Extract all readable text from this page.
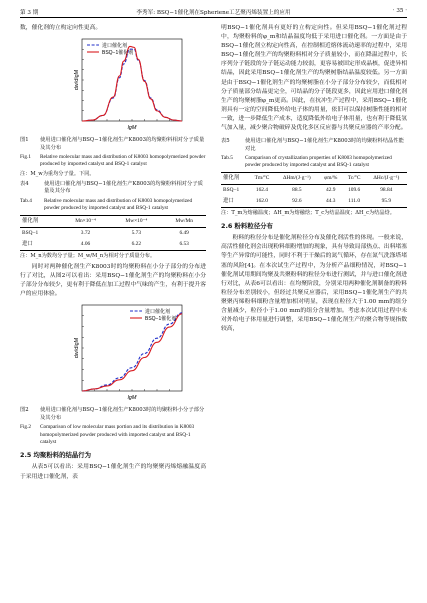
第 3 期	李秀军: BSQ−1催化剂在Spheriene工艺聚丙烯装置上的应用	· 35 ·

数，催化剂的立构定向性更高。

进口催化剂
BSQ−1催化剂
lgM
dw/dlgM
图1	使用进口催化剂与BSQ−1催化剂生产K8003的均聚粉料相对分子质量及其分布
Fig.1	Relative molecular mass and distribution of K8003 homopolymerized powder produced by imported catalyst and BSQ-1 catalyst
注：M_w为重均分子量。下同。
表4	使用进口催化剂与BSQ−1催化剂生产K8003的均聚粉料相对分子质量及其分布
Tab.4	Relative molecular mass and distribution of K8003 homopolymerized powder produced by imported catalyst and BSQ-1 catalyst
催化剂	Mn×10⁻⁴	Mw×10⁻⁴	Mw/Mn
BSQ−1	3.72	5.73	6.49
进口	4.06	6.22	6.53
注：M_n为数均分子量；M_w/M_n为相对分子质量分布。

同时对两种催化剂生产K8003时的均聚粉料在小分子部分的分布进行了对比，从图2可以看出：采用BSQ−1催化剂生产的均聚粉料在小分子部分分布较少，更有利于降低在加工过程中气味的产生，有利于提升客户的应用体验。

进口催化剂
BSQ−1催化剂
lgM
dw/dlgM
图2	使用进口催化剂与BSQ−1催化剂生产K8003时的均聚粉料小分子部分及其分布
Fig.2	Comparison of low molecular mass portion and its distribution in K8003 homopolymerized powder produced with imported catalyst and BSQ-1 catalyst
2.5 均聚粉料的结晶行为

从表5可以看出：采用BSQ−1催化剂生产的均聚聚丙烯熔融温度高于采用进口催化剂，表

明BSQ−1催化剂具有更好的立构定向性。但采用BSQ−1催化剂过程中，均聚粉料的φ_m和结晶温度均低于采用进口催化剂。一方面是由于BSQ−1催化剂立构定向性高，在控制相近熔体流动速率的过程中，采用BSQ−1催化剂生产的均聚粉料相对分子质量较小，而在降温过程中，长序列分子链段的分子链运动能力较弱，更容易被固定形成晶核，促进异相结晶，因此采用BSQ−1催化剂生产的均聚树脂结晶温度较低。另一方面是由于BSQ−1催化剂生产的均聚树脂在小分子部分分布较少，而低相对分子质量部分结晶更完全，可结晶的分子链段更多，因此应用进口催化剂生产的均聚树脂φ_m更高。因此，在抗冲生产过程中，采用BSQ−1催化剂具有一定的空间降低外给电子体的用量，依旧可以保持树脂性能的相对一致，进一步降低生产成本，适度降低外给电子体用量，也有利于降低氢气加入量，减少聚合物破碎及优化多区反应器与共聚反应器的产率分配。

表5	使用进口催化剂与BSQ−1催化剂生产K8003时的均聚粉料结晶性能对比
Tab.5	Comparison of crystallization properties of K8003 homopolymerized powder produced by imported catalyst and BSQ-1 catalyst
催化剂	Tm/°C	ΔHm/(J·g⁻¹)	φm/%	Tc/°C	ΔHc/(J·g⁻¹)
BSQ−1	162.4	88.5	42.9	109.6	98.84
进口	162.0	92.6	44.3	111.0	95.9
注：T_m为熔融温度；ΔH_m为熔融焓；T_c为结晶温度；ΔH_c为结晶焓。
2.6 粉料粒径分布

粉料的粒径分布是催化剂粒径分布及催化剂活性的体现。一般来说，高活性催化剂会出现粉料细粉增加的现象，具有导致局部热点、出料堵塞等生产异常的可能性，同时不利于干燥后的氮气循环，存在氮气洗涤塔堵塞的风险[4]。在本次试生产过程中，为分析产品细粉情况，对BSQ−1催化剂试用期间均聚及共聚粉料的粒径分布进行测试，并与进口催化剂进行对比，从表6可以看出：在均聚阶段，分别采用两种催化剂制备的粉料粒径分布差别较小，但经过共聚反应器后，采用BSQ−1催化剂生产的共聚聚丙烯粉料细粉含量增加相对明显，表现在粒径大于1.00 mm的组分含量减少，粒径小于1.00 mm的组分含量增加。考虑本次试用过程中未对外给电子体用量进行调整，采用BSQ−1催化剂生产的聚合物等规指数较高，
